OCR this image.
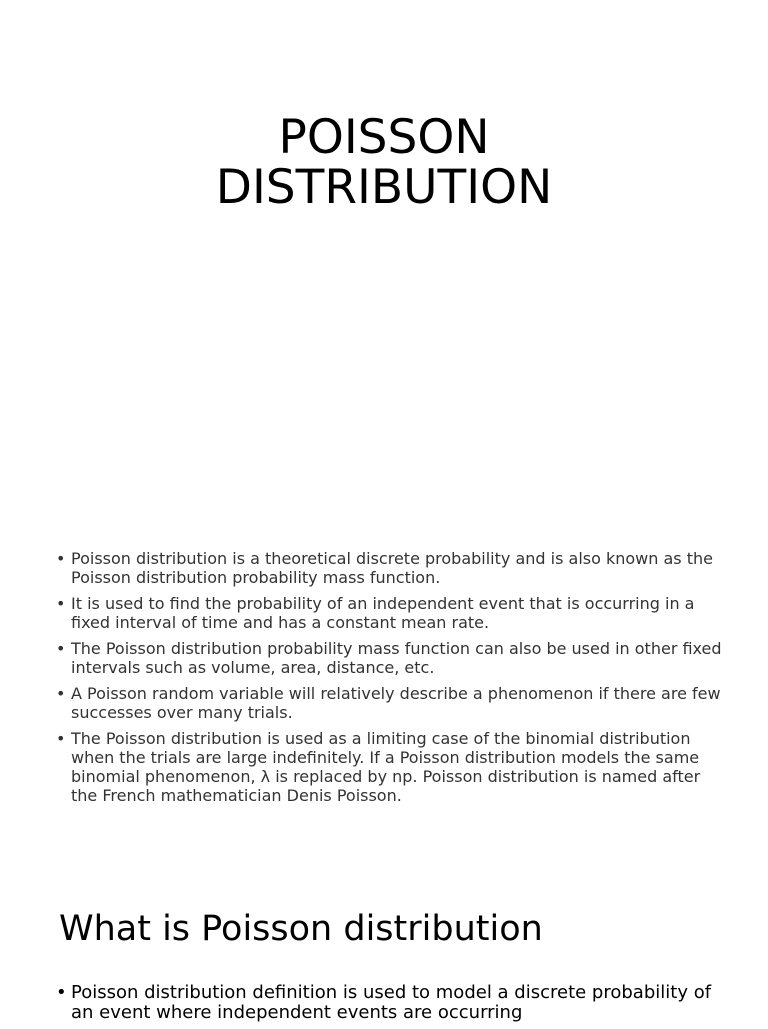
POISSON
DISTRIBUTION
• Poisson distribution is a theoretical discrete probability and is also known as the Poisson distribution probability mass function.
• It is used to find the probability of an independent event that is occurring in a fixed interval of time and has a constant mean rate.
• The Poisson distribution probability mass function can also be used in other fixed intervals such as volume, area, distance, etc.
• A Poisson random variable will relatively describe a phenomenon if there are few successes over many trials.
• The Poisson distribution is used as a limiting case of the binomial distribution when the trials are large indefinitely. If a Poisson distribution models the same binomial phenomenon, λ is replaced by np. Poisson distribution is named after the French mathematician Denis Poisson.
What is Poisson distribution
• Poisson distribution definition is used to model a discrete probability of an event where independent events are occurring
